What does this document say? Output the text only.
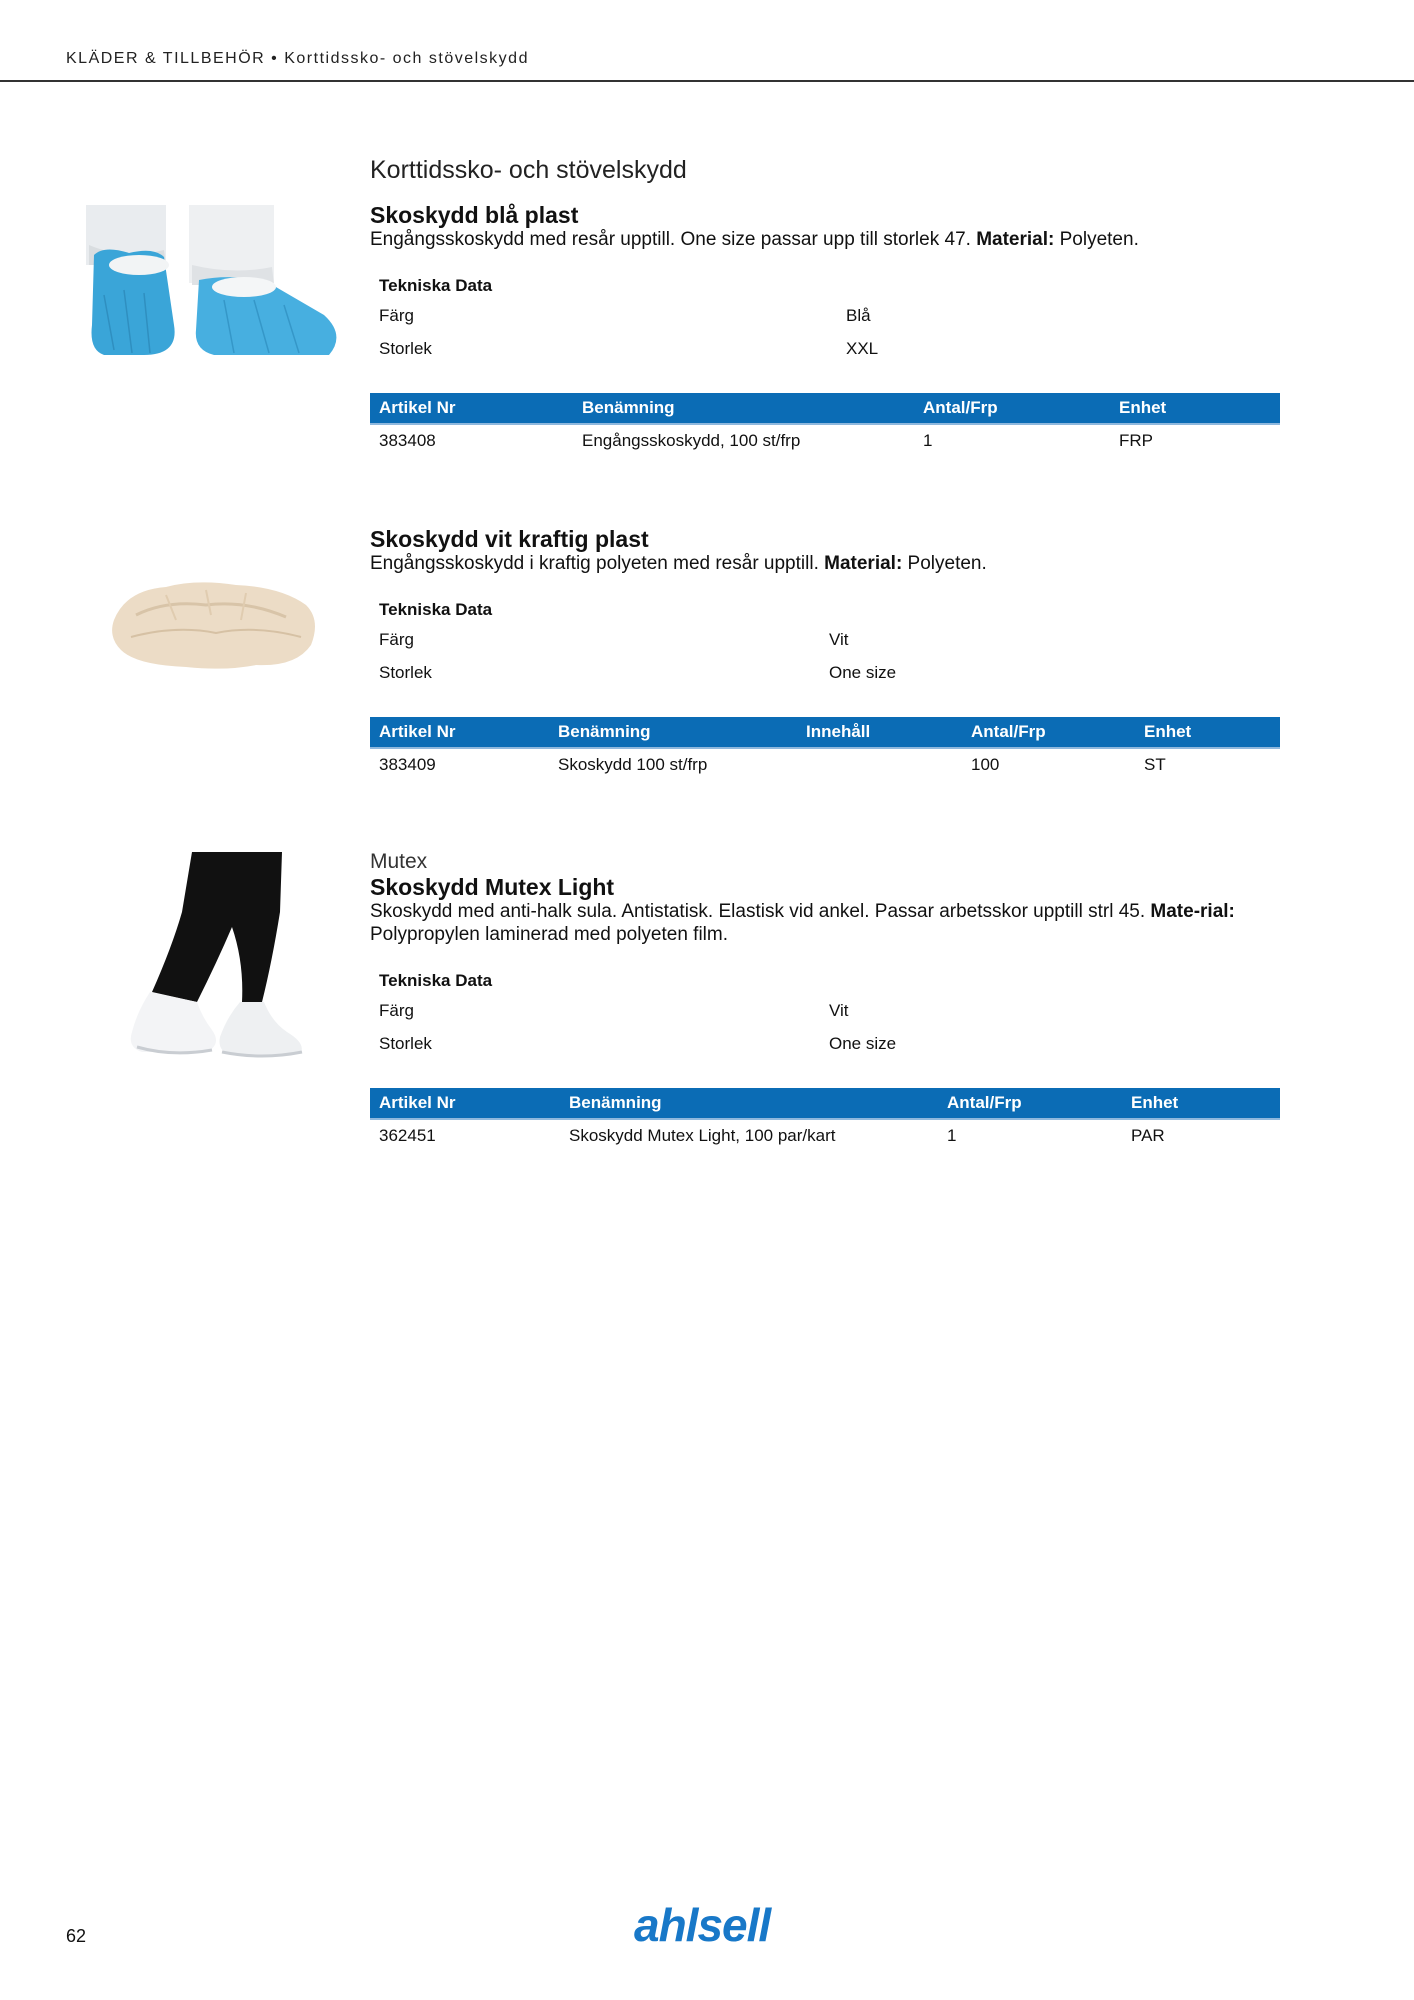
KLÄDER & TILLBEHÖR • Korttidssko- och stövelskydd
Korttidssko- och stövelskydd
Skoskydd blå plast

Engångsskoskydd med resår upptill. One size passar upp till storlek 47. Material: Polyeten.

Tekniska Data
Färg	Blå
Storlek	XXL
Artikel Nr	Benämning	Antal/Frp	Enhet
383408	Engångsskoskydd, 100 st/frp	1	FRP
Skoskydd vit kraftig plast

Engångsskoskydd i kraftig polyeten med resår upptill. Material: Polyeten.

Tekniska Data
Färg	Vit
Storlek	One size
Artikel Nr	Benämning	Innehåll	Antal/Frp	Enhet
383409	Skoskydd 100 st/frp		100	ST
Mutex
Skoskydd Mutex Light

Skoskydd med anti-halk sula. Antistatisk. Elastisk vid ankel. Passar arbetsskor upptill strl 45. Mate-rial: Polypropylen laminerad med polyeten film.

Tekniska Data
Färg	Vit
Storlek	One size
Artikel Nr	Benämning	Antal/Frp	Enhet
362451	Skoskydd Mutex Light, 100 par/kart	1	PAR
62	ahlsell
